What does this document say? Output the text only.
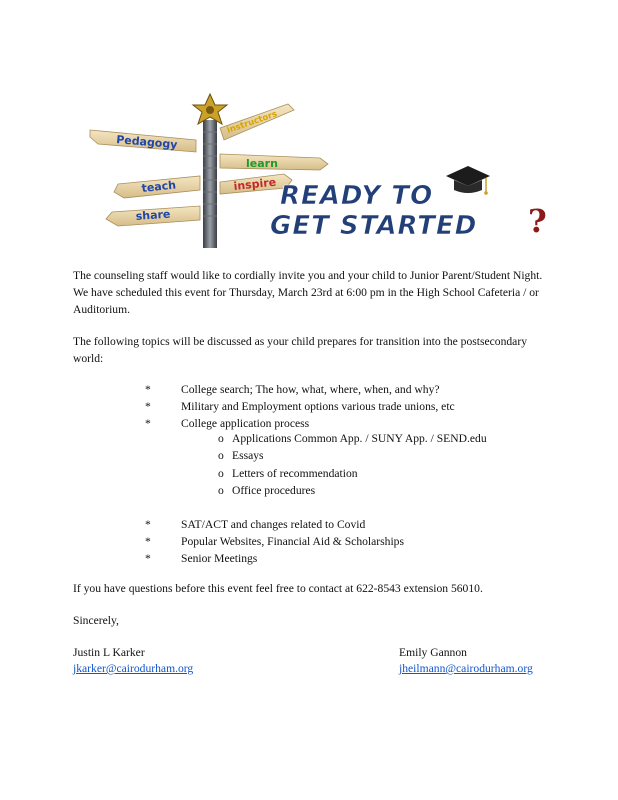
Pedagogy
instructors
learn
teach	inspire
share
READY TO
GET STARTED ?

The counseling staff would like to cordially invite you and your child to Junior Parent/Student Night. We have scheduled this event for Thursday, March 23rd at 6:00 pm in the High School Cafeteria / or Auditorium.

The following topics will be discussed as your child prepares for transition into the postsecondary world:

*	College search; The how, what, where, when, and why?
*	Military and Employment options various trade unions, etc
*	College application process
o Applications Common App. / SUNY App. / SEND.edu
o Essays
o Letters of recommendation
o Office procedures
*	SAT/ACT and changes related to Covid
*	Popular Websites, Financial Aid & Scholarships
*	Senior Meetings

If you have questions before this event feel free to contact at 622-8543 extension 56010.

Sincerely,

Justin L Karker
jkarker@cairodurham.org
Emily Gannon
jheilmann@cairodurham.org
